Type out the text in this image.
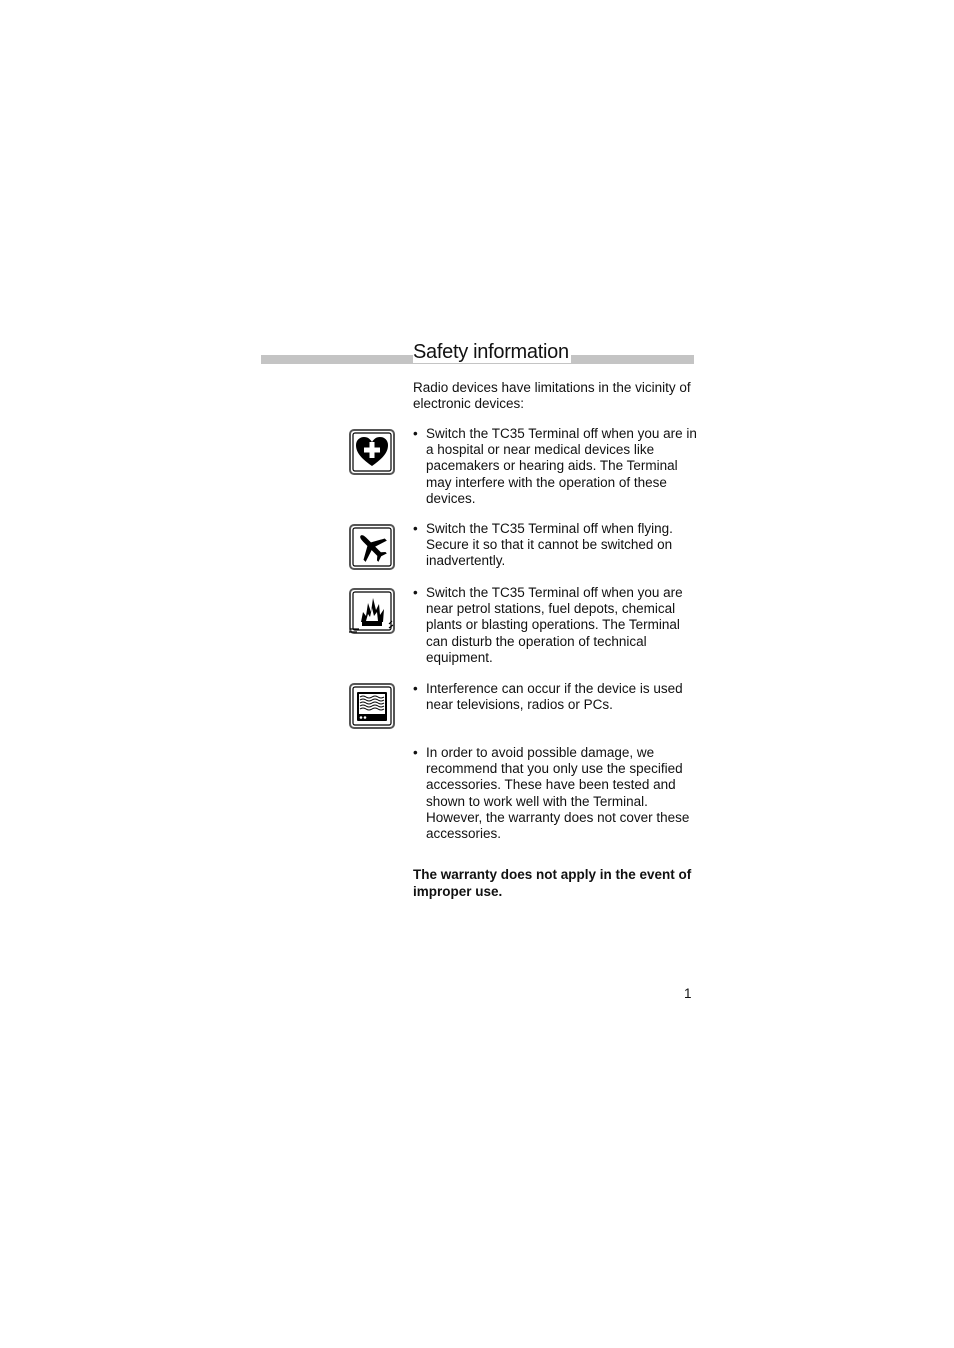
Safety information
Radio devices have limitations in the vicinity of electronic devices:
• Switch the TC35 Terminal off when you are in a hospital or near medical devices like pacemakers or hearing aids. The Terminal may interfere with the operation of these devices.
• Switch the TC35 Terminal off when flying. Secure it so that it cannot be switched on inadvertently.
• Switch the TC35 Terminal off when you are near petrol stations, fuel depots, chemical plants or blasting operations. The Terminal can disturb the operation of technical equipment.
• Interference can occur if the device is used near televisions, radios or PCs.
• In order to avoid possible damage, we recommend that you only use the specified accessories. These have been tested and shown to work well with the Terminal. However, the warranty does not cover these accessories.
The warranty does not apply in the event of improper use.
1
